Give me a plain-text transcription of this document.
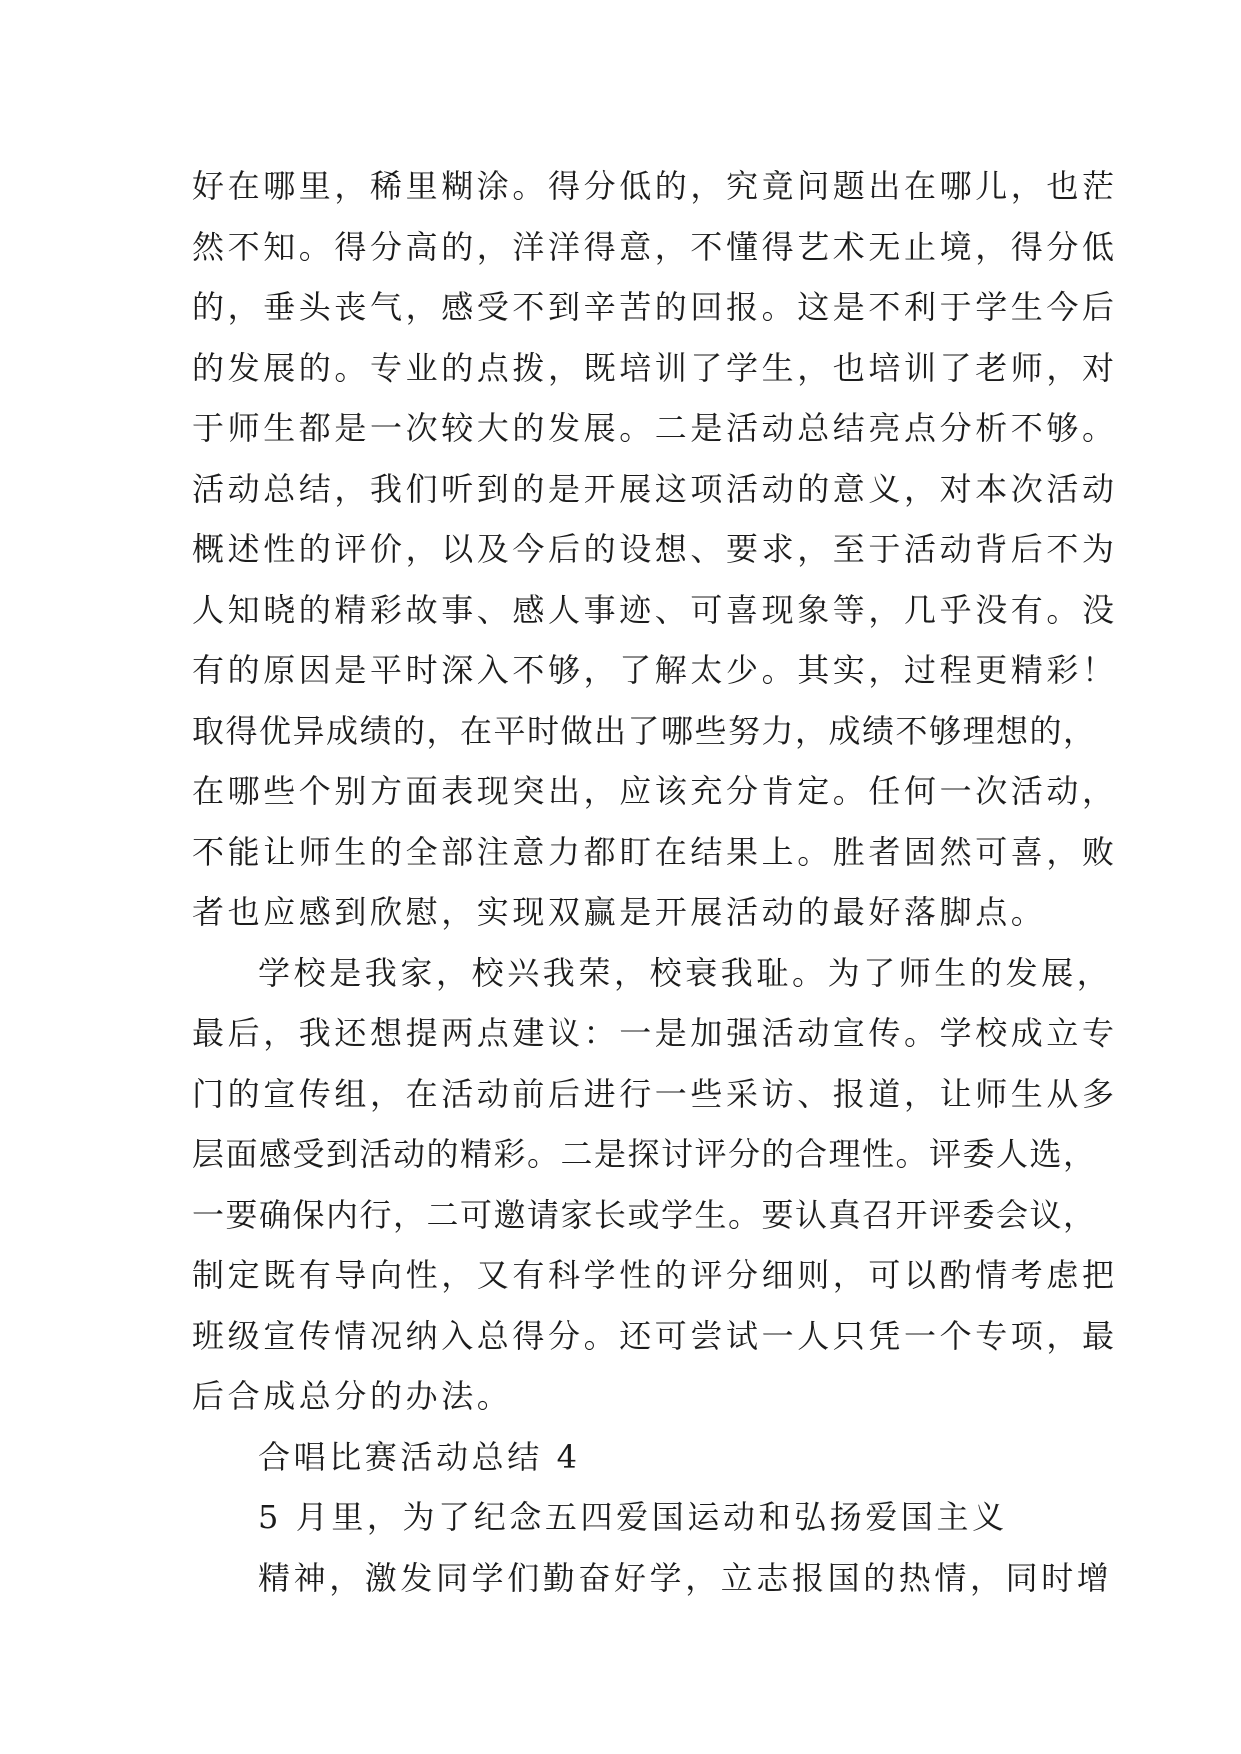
好在哪里，稀里糊涂。得分低的，究竟问题出在哪儿，也茫
然不知。得分高的，洋洋得意，不懂得艺术无止境，得分低
的，垂头丧气，感受不到辛苦的回报。这是不利于学生今后
的发展的。专业的点拨，既培训了学生，也培训了老师，对
于师生都是一次较大的发展。二是活动总结亮点分析不够。
活动总结，我们听到的是开展这项活动的意义，对本次活动
概述性的评价，以及今后的设想、要求，至于活动背后不为
人知晓的精彩故事、感人事迹、可喜现象等，几乎没有。没
有的原因是平时深入不够，了解太少。其实，过程更精彩！
取得优异成绩的，在平时做出了哪些努力，成绩不够理想的，
在哪些个别方面表现突出，应该充分肯定。任何一次活动，
不能让师生的全部注意力都盯在结果上。胜者固然可喜，败
者也应感到欣慰，实现双赢是开展活动的最好落脚点。
学校是我家，校兴我荣，校衰我耻。为了师生的发展，
最后，我还想提两点建议：一是加强活动宣传。学校成立专
门的宣传组，在活动前后进行一些采访、报道，让师生从多
层面感受到活动的精彩。二是探讨评分的合理性。评委人选，
一要确保内行，二可邀请家长或学生。要认真召开评委会议，
制定既有导向性，又有科学性的评分细则，可以酌情考虑把
班级宣传情况纳入总得分。还可尝试一人只凭一个专项，最
后合成总分的办法。
合唱比赛活动总结 4
5 月里，为了纪念五四爱国运动和弘扬爱国主义
精神，激发同学们勤奋好学，立志报国的热情，同时增
